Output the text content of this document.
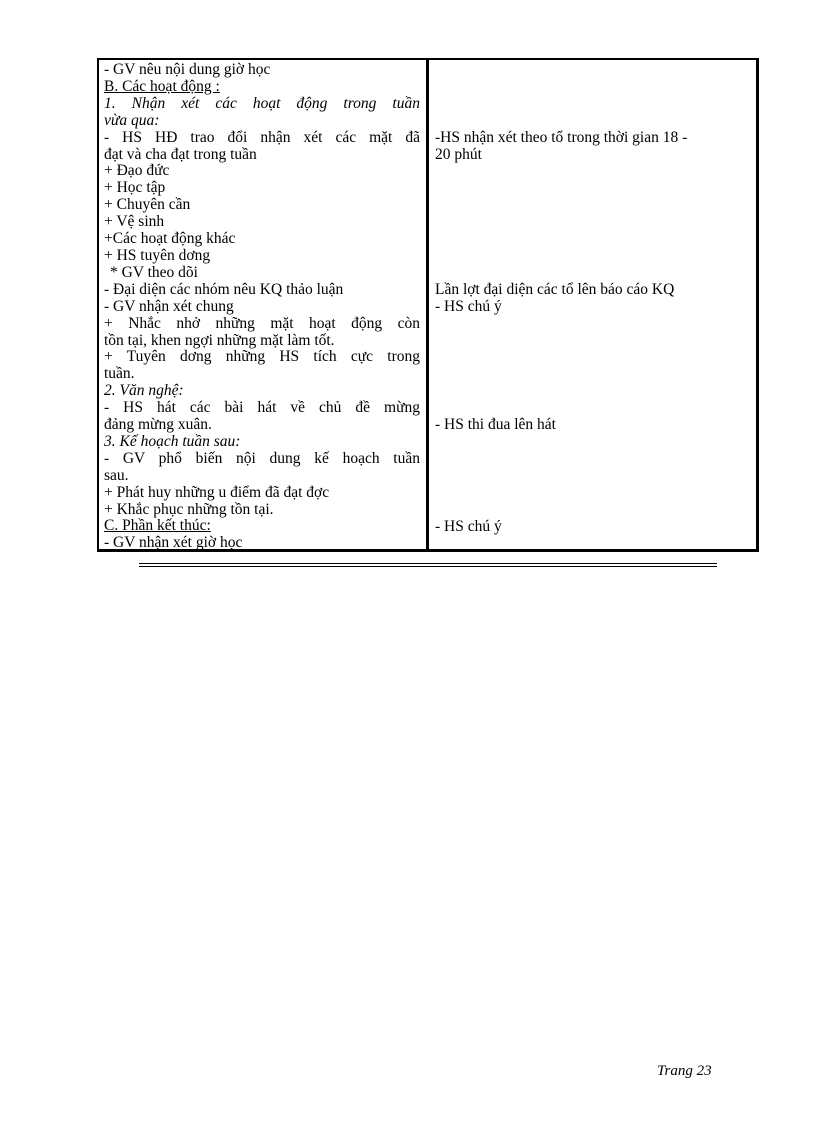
- GV nêu nội dung giờ học
B. Các hoạt động :
1. Nhận xét các hoạt động trong tuần
vừa qua:
- HS HĐ trao đổi nhận xét các mặt đã
đạt và cha đạt trong tuần
+ Đạo đức
+ Học tập
+ Chuyên cần
+ Vệ sinh
+Các hoạt động khác
+ HS tuyên dơng
* GV theo dõi
- Đại diện các nhóm nêu KQ thảo luận
- GV nhận xét chung
+ Nhắc nhở những mặt hoạt động còn
tồn tại, khen ngợi những mặt làm tốt.
+ Tuyên dơng những HS tích cực trong
tuần.
2. Văn nghệ:
- HS hát các bài hát về chủ đề mừng
đảng mừng xuân.
3. Kế hoạch tuần sau:
- GV phổ biến nội dung kế hoạch tuần
sau.
+ Phát huy những u điểm đã đạt đợc
+ Khắc phục những tồn tại.
C. Phần kết thúc:
- GV nhận xét giờ học
-HS nhận xét theo tổ trong thời gian 18 -
20 phút
Lần lợt đại diện các tổ lên báo cáo KQ
- HS chú ý
- HS thi đua lên hát
- HS chú ý
Trang 23
